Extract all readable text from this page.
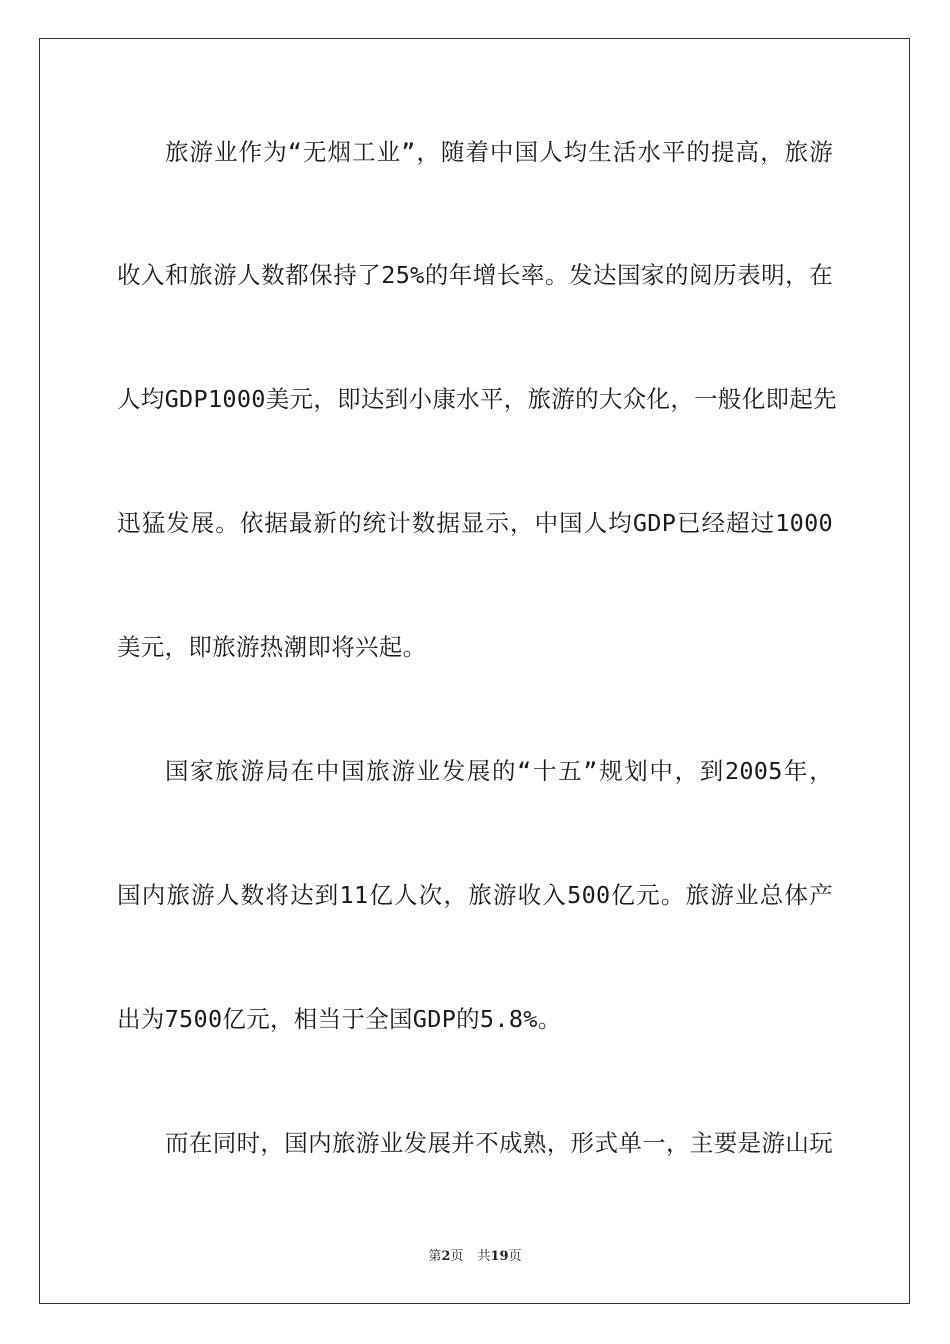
旅游业作为“无烟工业”，随着中国人均生活水平的提高，旅游
收入和旅游人数都保持了25%的年增长率。发达国家的阅历表明，在
人均GDP1000美元，即达到小康水平，旅游的大众化，一般化即起先
迅猛发展。依据最新的统计数据显示，中国人均GDP已经超过1000
美元，即旅游热潮即将兴起。
国家旅游局在中国旅游业发展的“十五”规划中，到2005年，
国内旅游人数将达到11亿人次，旅游收入500亿元。旅游业总体产
出为7500亿元，相当于全国GDP的5.8%。
而在同时，国内旅游业发展并不成熟，形式单一，主要是游山玩
第2页 共19页
